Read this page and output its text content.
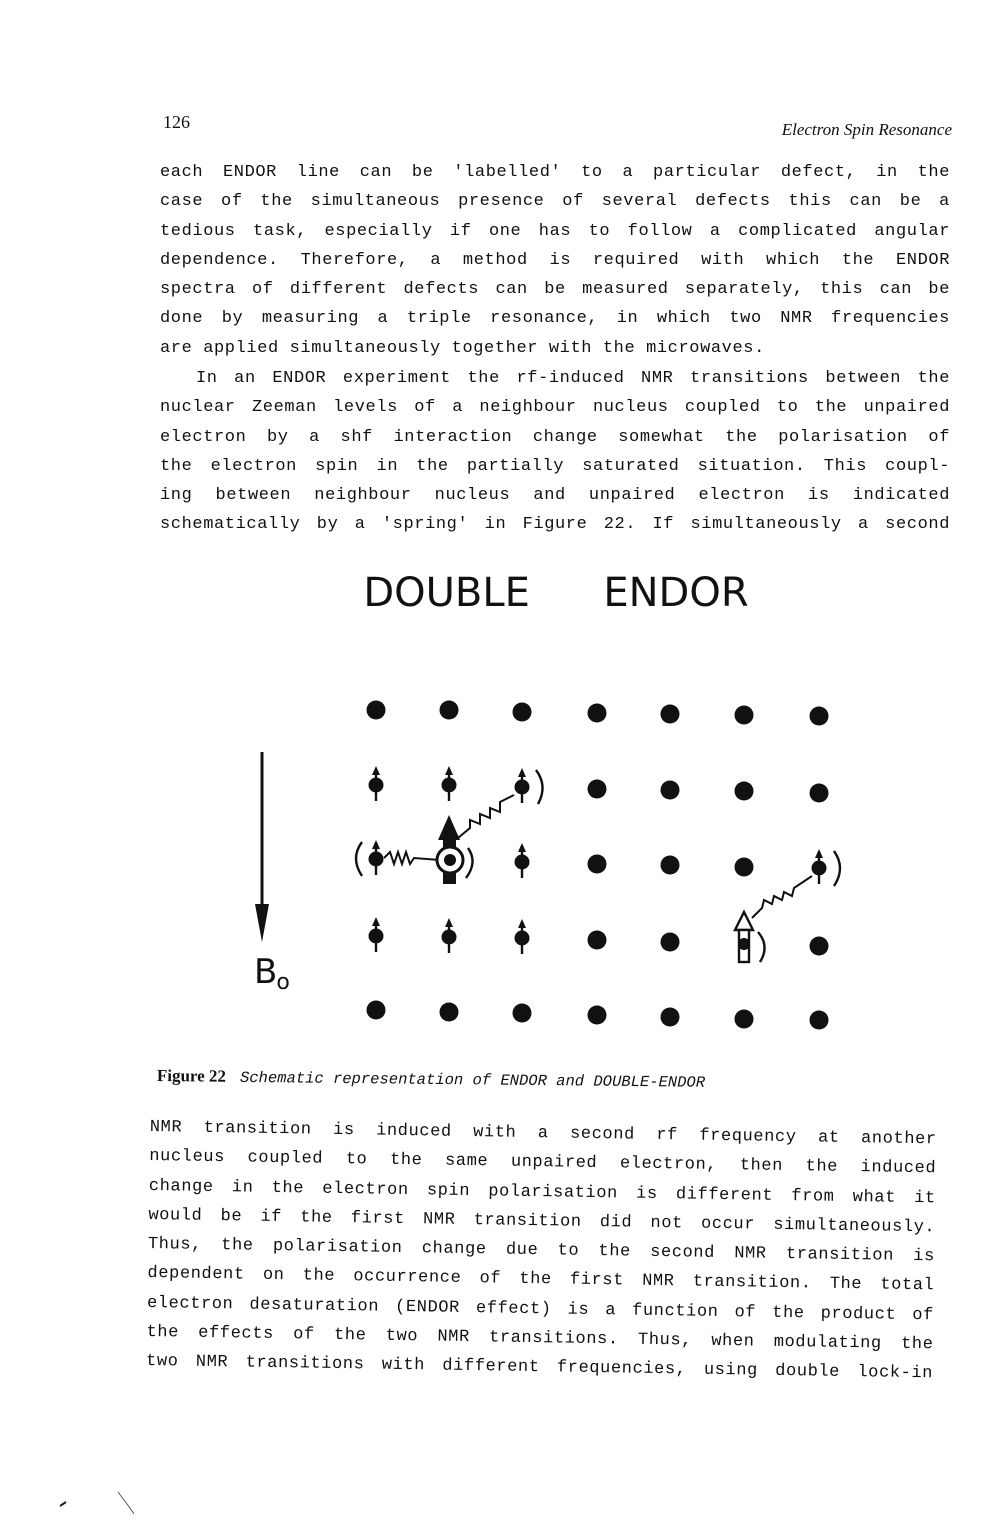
126	Electron Spin Resonance
each ENDOR line can be 'labelled' to a particular defect, in the
case of the simultaneous presence of several defects this can be a
tedious task, especially if one has to follow a complicated angular
dependence. Therefore, a method is required with which the ENDOR
spectra of different defects can be measured separately, this can be
done by measuring a triple resonance, in which two NMR frequencies
are applied simultaneously together with the microwaves.
In an ENDOR experiment the rf-induced NMR transitions between the
nuclear Zeeman levels of a neighbour nucleus coupled to the unpaired
electron by a shf interaction change somewhat the polarisation of
the electron spin in the partially saturated situation. This coupl-
ing between neighbour nucleus and unpaired electron is indicated
schematically by a 'spring' in Figure 22. If simultaneously a second
DOUBLE  ENDOR
$B_o$
Figure 22 Schematic representation of ENDOR and DOUBLE-ENDOR
NMR transition is induced with a second rf frequency at another
nucleus coupled to the same unpaired electron, then the induced
change in the electron spin polarisation is different from what it
would be if the first NMR transition did not occur simultaneously.
Thus, the polarisation change due to the second NMR transition is
dependent on the occurrence of the first NMR transition. The total
electron desaturation (ENDOR effect) is a function of the product of
the effects of the two NMR transitions. Thus, when modulating the
two NMR transitions with different frequencies, using double lock-in
